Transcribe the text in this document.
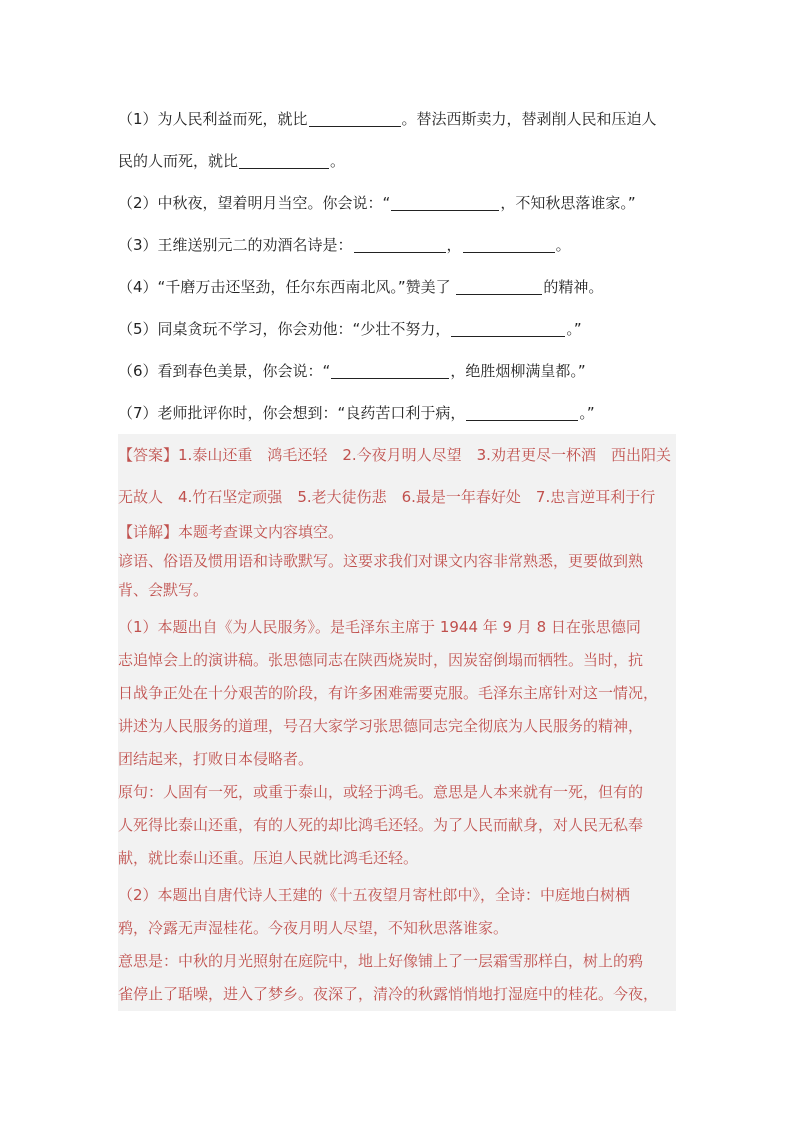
（1）为人民利益而死，就比	。替法西斯卖力，替剥削人民和压迫人
民的人而死，就比	。
（2）中秋夜，望着明月当空。你会说：“	，不知秋思落谁家。”
（3）王维送别元二的劝酒名诗是：	，	。
（4）“千磨万击还坚劲，任尔东西南北风。”赞美了	的精神。
（5）同桌贪玩不学习，你会劝他：“少壮不努力，	。”
（6）看到春色美景，你会说：“	，绝胜烟柳满皇都。”
（7）老师批评你时，你会想到：“良药苦口利于病，	。”
【答案】1.泰山还重　鸿毛还轻　2.今夜月明人尽望　3.劝君更尽一杯酒　西出阳关
无故人　4.竹石坚定顽强　5.老大徒伤悲　6.最是一年春好处　7.忠言逆耳利于行
【详解】本题考查课文内容填空。
谚语、俗语及惯用语和诗歌默写。这要求我们对课文内容非常熟悉，更要做到熟
背、会默写。
（1）本题出自《为人民服务》。是毛泽东主席于 1944 年 9 月 8 日在张思德同
志追悼会上的演讲稿。张思德同志在陕西烧炭时，因炭窑倒塌而牺牲。当时，抗
日战争正处在十分艰苦的阶段，有许多困难需要克服。毛泽东主席针对这一情况，
讲述为人民服务的道理，号召大家学习张思德同志完全彻底为人民服务的精神，
团结起来，打败日本侵略者。
原句：人固有一死，或重于泰山，或轻于鸿毛。意思是人本来就有一死，但有的
人死得比泰山还重，有的人死的却比鸿毛还轻。为了人民而献身，对人民无私奉
献，就比泰山还重。压迫人民就比鸿毛还轻。
（2）本题出自唐代诗人王建的《十五夜望月寄杜郎中》，全诗：中庭地白树栖
鸦，冷露无声湿桂花。今夜月明人尽望，不知秋思落谁家。
意思是：中秋的月光照射在庭院中，地上好像铺上了一层霜雪那样白，树上的鸦
雀停止了聒噪，进入了梦乡。夜深了，清冷的秋露悄悄地打湿庭中的桂花。今夜，
